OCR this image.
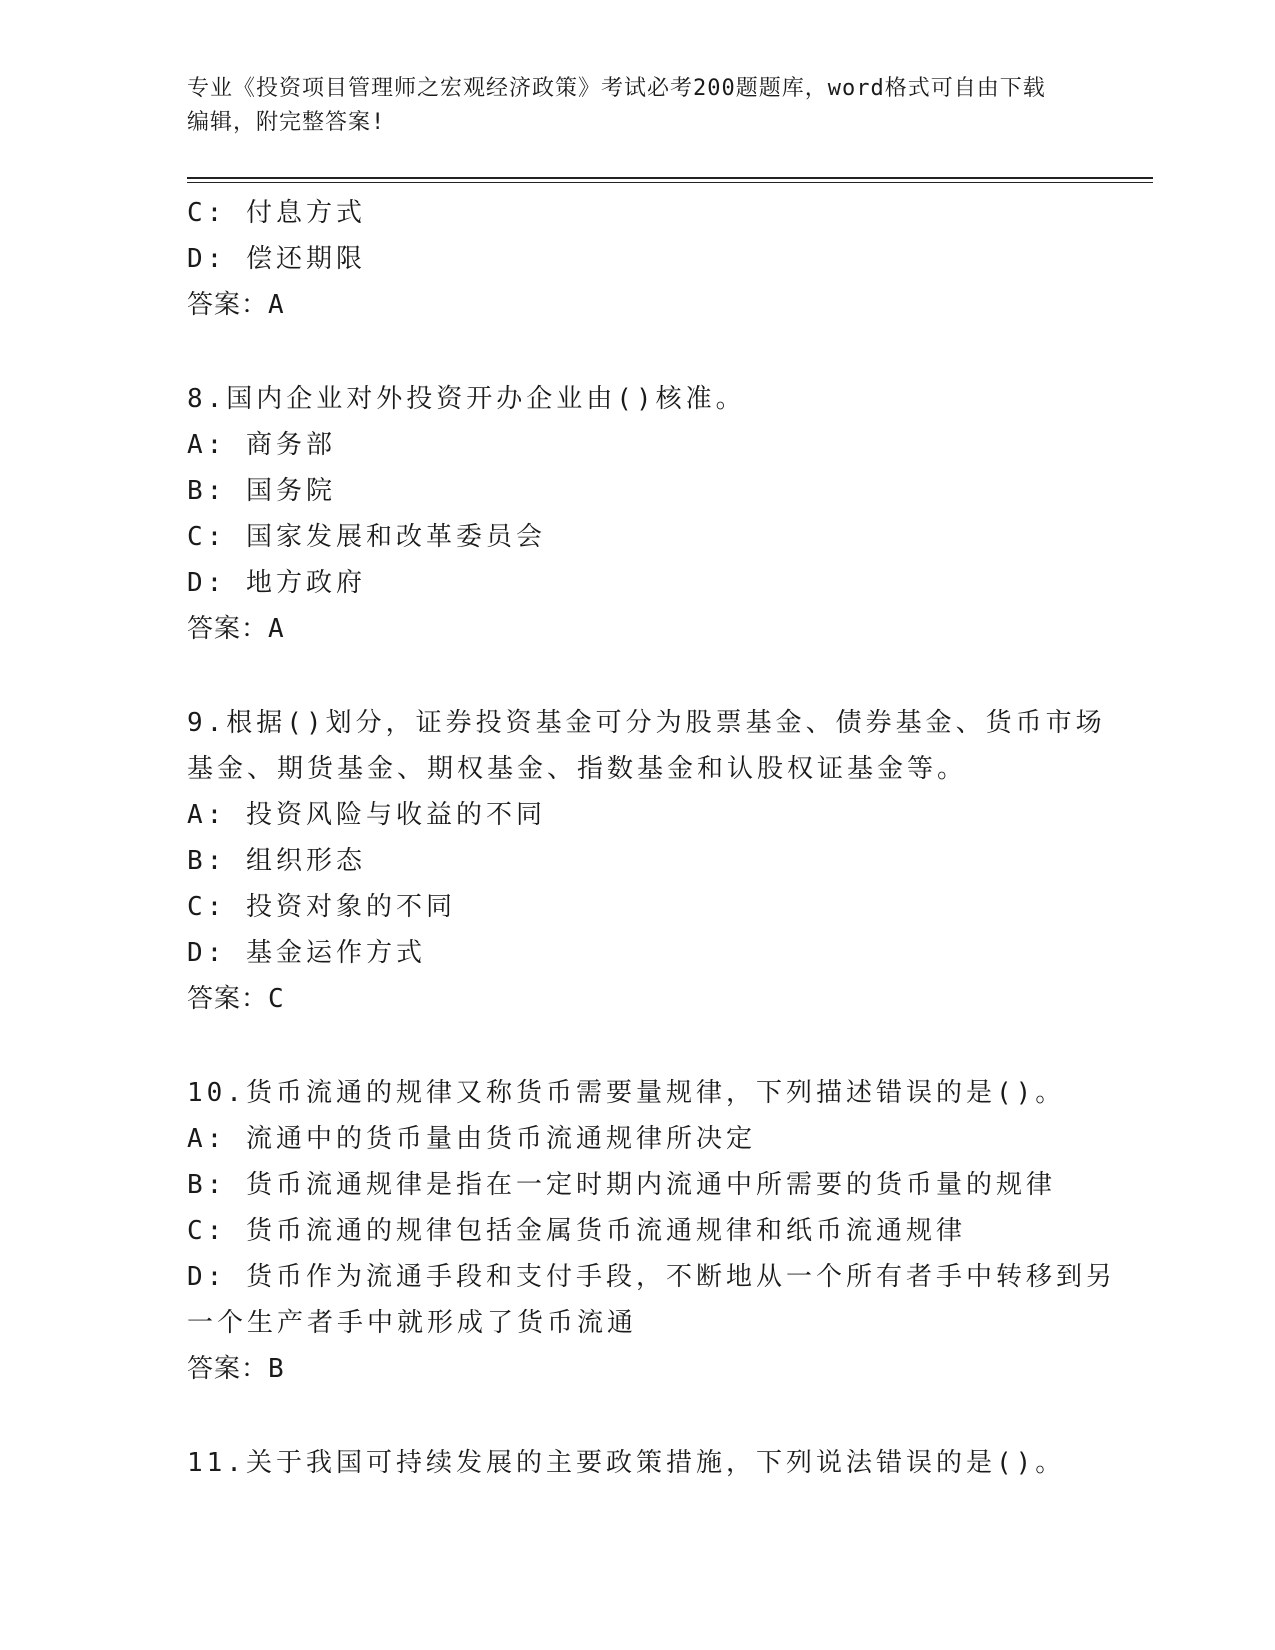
专业《投资项目管理师之宏观经济政策》考试必考200题题库，word格式可自由下载编辑，附完整答案!
C: 付息方式
D: 偿还期限
答案：A
8.国内企业对外投资开办企业由()核准。
A: 商务部
B: 国务院
C: 国家发展和改革委员会
D: 地方政府
答案：A
9.根据()划分，证券投资基金可分为股票基金、债券基金、货币市场
基金、期货基金、期权基金、指数基金和认股权证基金等。
A: 投资风险与收益的不同
B: 组织形态
C: 投资对象的不同
D: 基金运作方式
答案：C
10.货币流通的规律又称货币需要量规律，下列描述错误的是()。
A: 流通中的货币量由货币流通规律所决定
B: 货币流通规律是指在一定时期内流通中所需要的货币量的规律
C: 货币流通的规律包括金属货币流通规律和纸币流通规律
D: 货币作为流通手段和支付手段，不断地从一个所有者手中转移到另
一个生产者手中就形成了货币流通
答案：B
11.关于我国可持续发展的主要政策措施，下列说法错误的是()。
